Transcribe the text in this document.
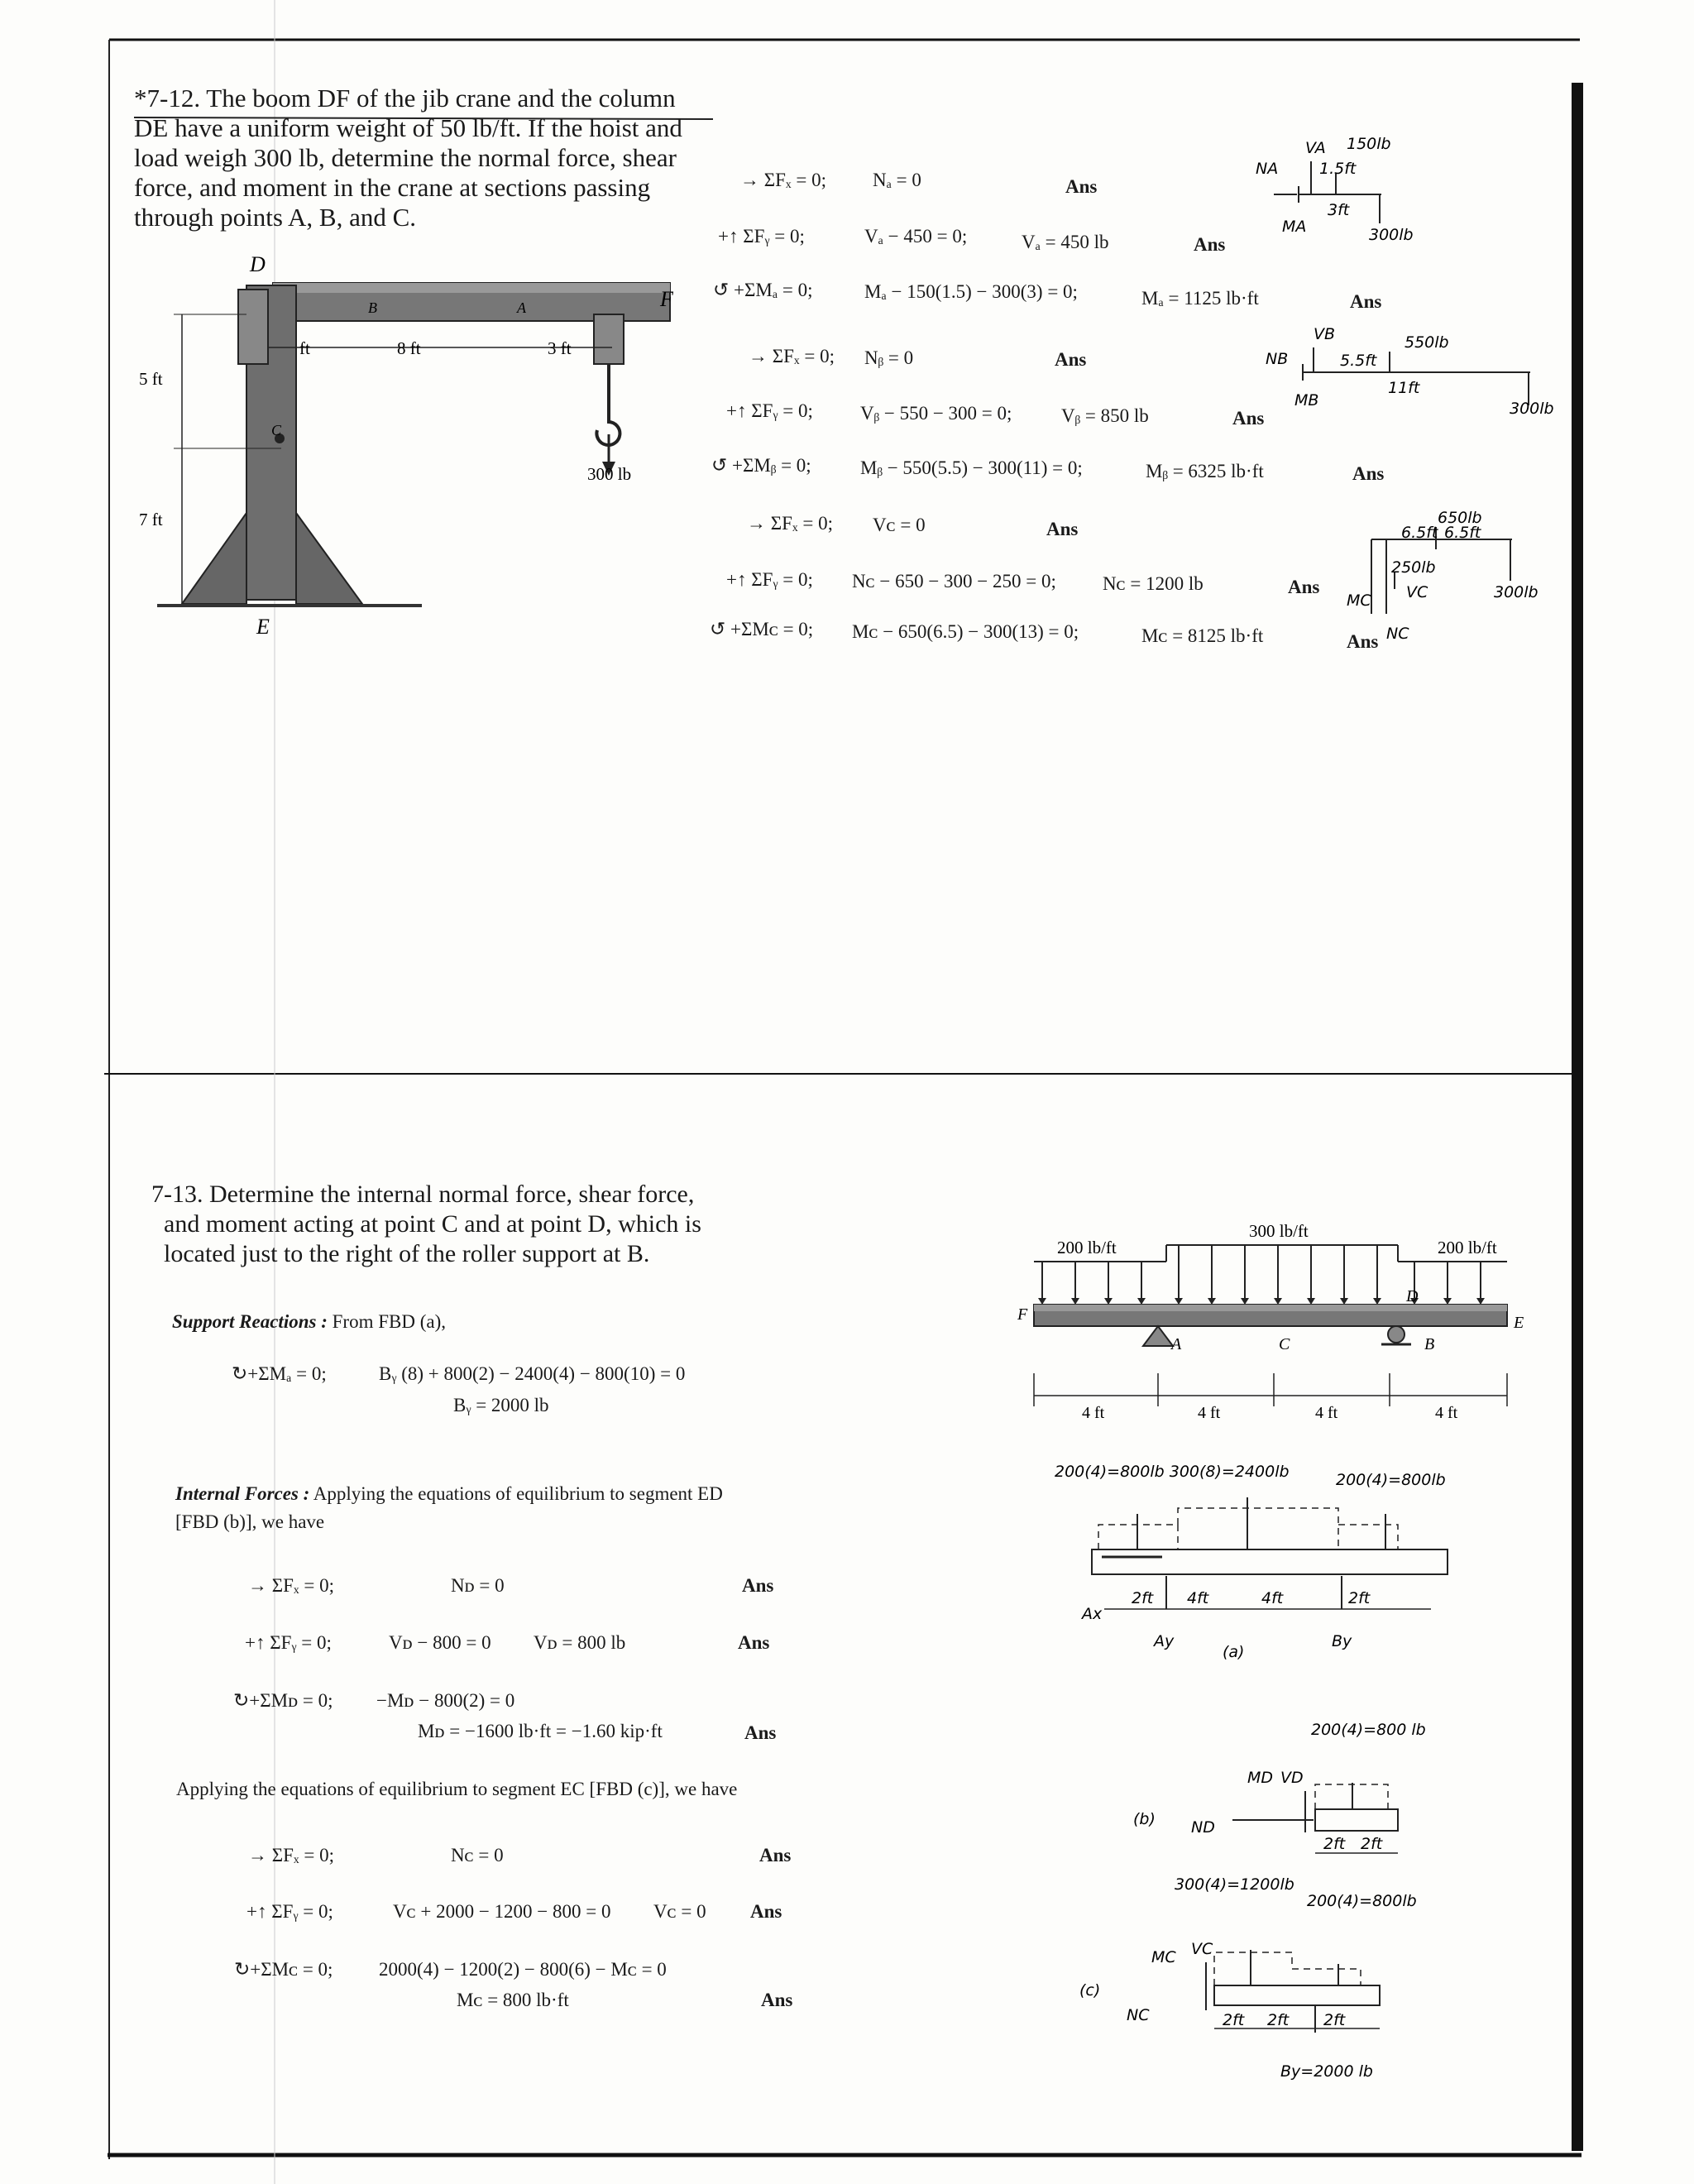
*7-12. The boom DF of the jib crane and the column
DE have a uniform weight of 50 lb/ft. If the hoist and
load weigh 300 lb, determine the normal force, shear
force, and moment in the crane at sections passing
through points A, B, and C.
D
F
E
A
B
C
ft	8 ft	3 ft
5 ft
7 ft
300 lb
→ ΣFₓ = 0; Nₐ = 0	Ans
+↑ ΣFᵧ = 0;	Vₐ − 450 = 0;	Vₐ = 450 lb	Ans
↺ +ΣMₐ = 0;	Mₐ − 150(1.5) − 300(3) = 0;	Mₐ = 1125 lb·ft	Ans
→ ΣFₓ = 0; Nᵦ = 0	Ans
+↑ ΣFᵧ = 0; Vᵦ − 550 − 300 = 0;	Vᵦ = 850 lb	Ans
↺ +ΣMᵦ = 0;	Mᵦ − 550(5.5) − 300(11) = 0;	Mᵦ = 6325 lb·ft	Ans
→ ΣFₓ = 0; Vᴄ = 0	Ans
+↑ ΣFᵧ = 0; Nᴄ − 650 − 300 − 250 = 0; Nᴄ = 1200 lb	Ans
↺ +ΣMᴄ = 0; Mᴄ − 650(6.5) − 300(13) = 0;	Mᴄ = 8125 lb·ft	Ans
VA
NA
MA
150lb
1.5ft
3ft
300lb
VB
NB
MB
550lb
5.5ft
11ft
300lb
650lb
6.5ft 6.5ft
250lb
VC
MC
NC
300lb
7-13. Determine the internal normal force, shear force,
and moment acting at point C and at point D, which is
located just to the right of the roller support at B.
Support Reactions : From FBD (a),
↻+ΣMₐ = 0;	Bᵧ (8) + 800(2) − 2400(4) − 800(10) = 0
Bᵧ = 2000 lb
Internal Forces : Applying the equations of equilibrium to segment ED
[FBD (b)], we have
→ ΣFₓ = 0;	Nᴅ = 0	Ans
+↑ ΣFᵧ = 0;	Vᴅ − 800 = 0 Vᴅ = 800 lb	Ans
↻+ΣMᴅ = 0; −Mᴅ − 800(2) = 0
Mᴅ = −1600 lb·ft = −1.60 kip·ft	Ans
Applying the equations of equilibrium to segment EC [FBD (c)], we have
→ ΣFₓ = 0;	Nᴄ = 0	Ans
+↑ ΣFᵧ = 0;	Vᴄ + 2000 − 1200 − 800 = 0 Vᴄ = 0 Ans
↻+ΣMᴄ = 0; 2000(4) − 1200(2) − 800(6) − Mᴄ = 0
Mᴄ = 800 lb·ft	Ans
200 lb/ft
300 lb/ft
200 lb/ft
F
A	C
D
B
E
4 ft	4 ft	4 ft	4 ft
200(4)=800lb 300(8)=2400lb	200(4)=800lb
Ax
Ay	By
(a)
2ft 4ft	4ft	2ft
200(4)=800 lb
MD VD
(b) ND
2ft 2ft
300(4)=1200lb
200(4)=800lb
MC VC
(c)
NC	2ft 2ft 2ft
By=2000 lb
